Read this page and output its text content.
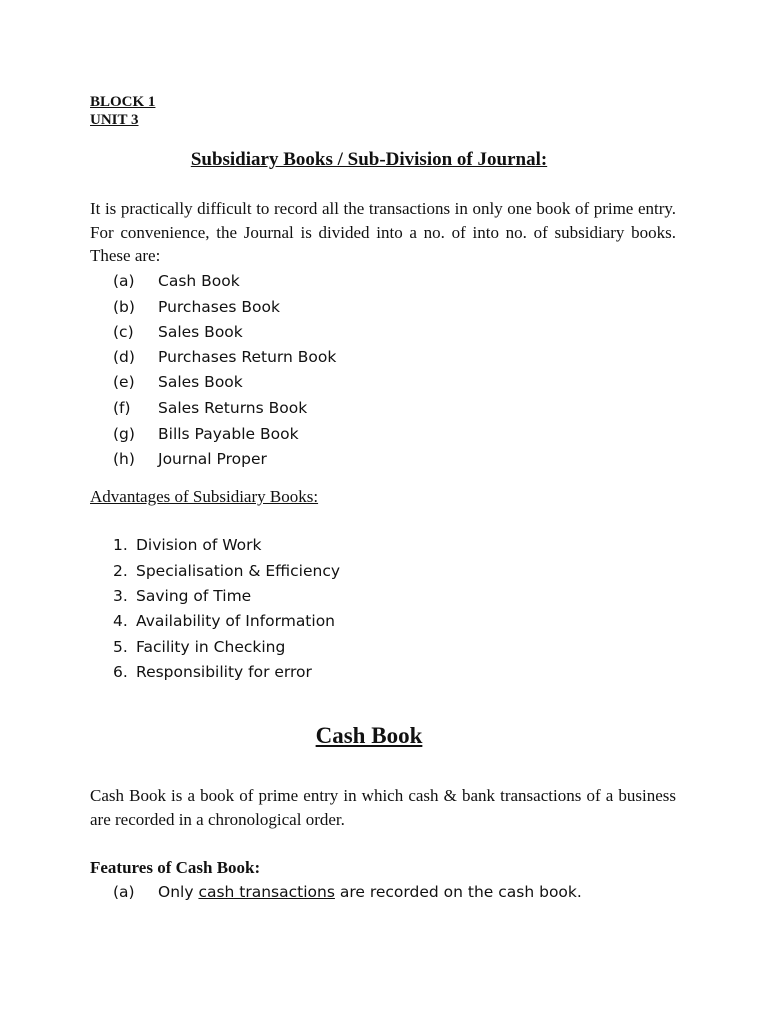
BLOCK 1
UNIT 3
Subsidiary Books / Sub-Division of Journal:
It is practically difficult to record all the transactions in only one book of prime entry. For convenience, the Journal is divided into a no. of into no. of subsidiary books. These are:
(a) Cash Book
(b) Purchases Book
(c) Sales Book
(d) Purchases Return Book
(e) Sales Book
(f) Sales Returns Book
(g) Bills Payable Book
(h) Journal Proper
Advantages of Subsidiary Books:
1. Division of Work
2. Specialisation & Efficiency
3. Saving of Time
4. Availability of Information
5. Facility in Checking
6. Responsibility for error
Cash Book
Cash Book is a book of prime entry in which cash & bank transactions of a business are recorded in a chronological order.
Features of Cash Book:
(a) Only cash transactions are recorded on the cash book.
